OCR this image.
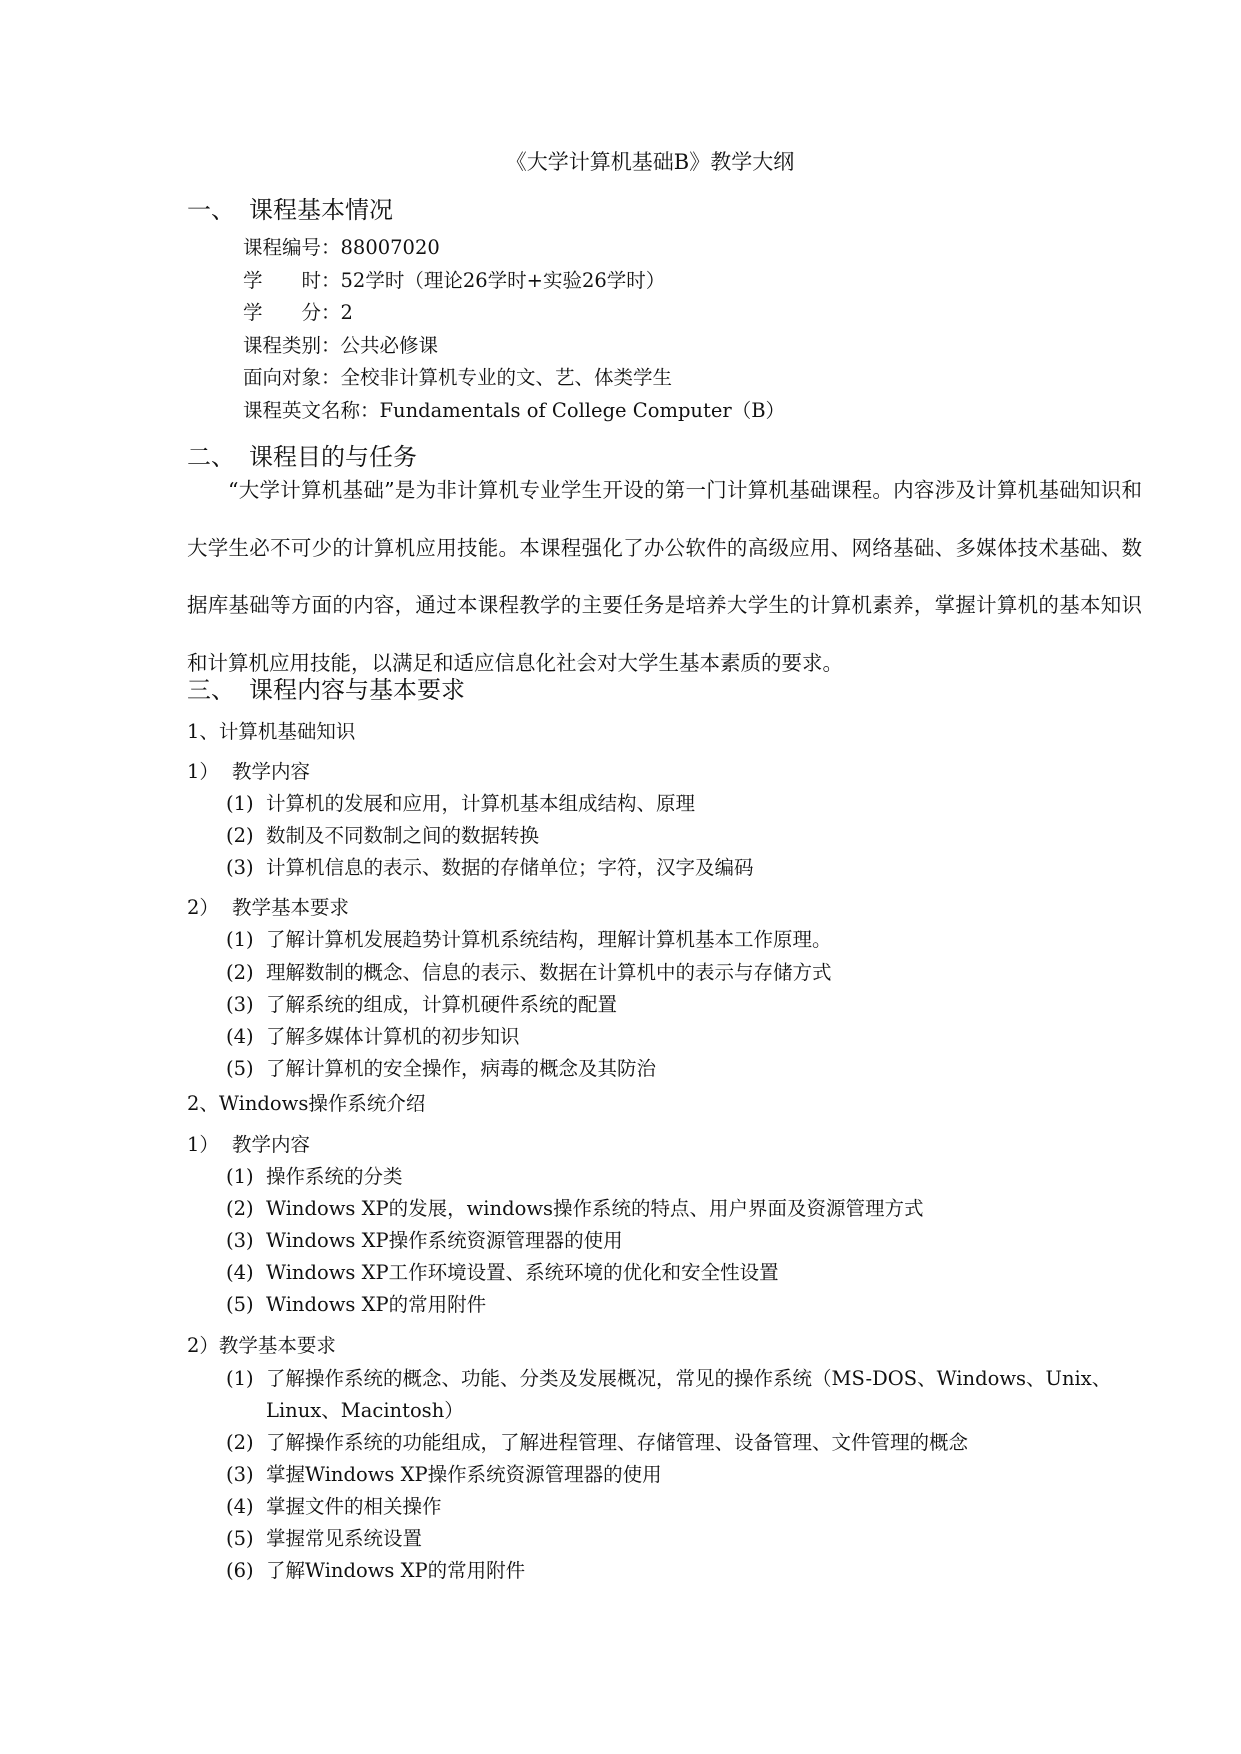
《大学计算机基础B》教学大纲
一、 课程基本情况
课程编号：88007020
学　　时：52学时（理论26学时+实验26学时）
学　　分：2
课程类别：公共必修课
面向对象：全校非计算机专业的文、艺、体类学生
课程英文名称：Fundamentals of College Computer（B）
二、 课程目的与任务
“大学计算机基础”是为非计算机专业学生开设的第一门计算机基础课程。内容涉及计算机基础知识和大学生必不可少的计算机应用技能。本课程强化了办公软件的高级应用、网络基础、多媒体技术基础、数据库基础等方面的内容，通过本课程教学的主要任务是培养大学生的计算机素养，掌握计算机的基本知识和计算机应用技能，以满足和适应信息化社会对大学生基本素质的要求。
三、 课程内容与基本要求
1、计算机基础知识
1） 教学内容
(1) 计算机的发展和应用，计算机基本组成结构、原理
(2) 数制及不同数制之间的数据转换
(3) 计算机信息的表示、数据的存储单位；字符，汉字及编码
2） 教学基本要求
(1) 了解计算机发展趋势计算机系统结构，理解计算机基本工作原理。
(2) 理解数制的概念、信息的表示、数据在计算机中的表示与存储方式
(3) 了解系统的组成，计算机硬件系统的配置
(4) 了解多媒体计算机的初步知识
(5) 了解计算机的安全操作，病毒的概念及其防治
2、Windows操作系统介绍
1） 教学内容
(1) 操作系统的分类
(2) Windows XP的发展，windows操作系统的特点、用户界面及资源管理方式
(3) Windows XP操作系统资源管理器的使用
(4) Windows XP工作环境设置、系统环境的优化和安全性设置
(5) Windows XP的常用附件
2）教学基本要求
(1) 了解操作系统的概念、功能、分类及发展概况，常见的操作系统（MS-DOS、Windows、Unix、
Linux、Macintosh）
(2) 了解操作系统的功能组成，了解进程管理、存储管理、设备管理、文件管理的概念
(3) 掌握Windows XP操作系统资源管理器的使用
(4) 掌握文件的相关操作
(5) 掌握常见系统设置
(6) 了解Windows XP的常用附件
